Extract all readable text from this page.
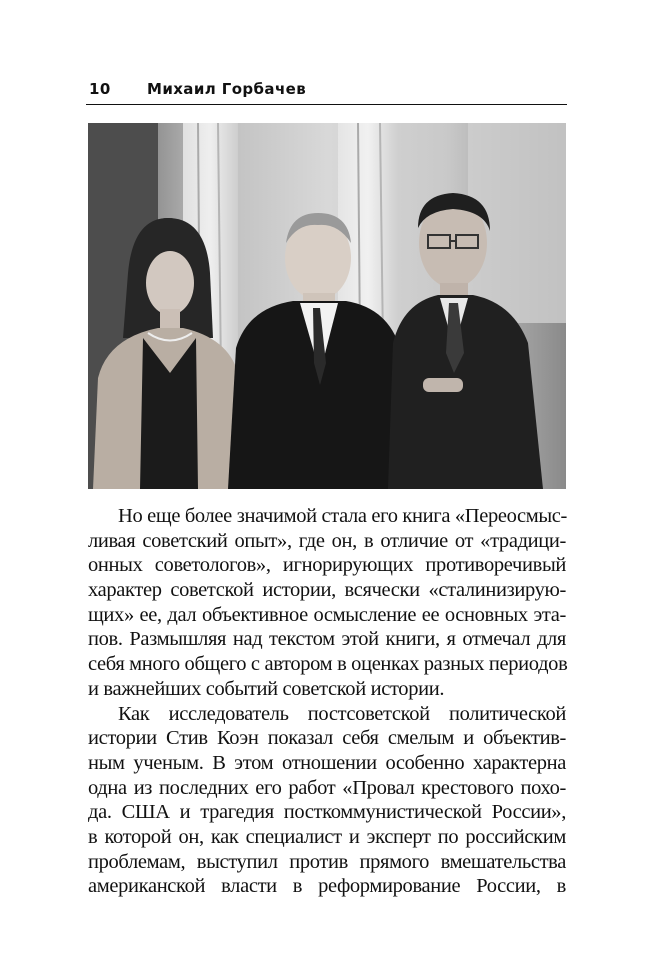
10 Михаил Горбачев
Но еще более значимой стала его книга «Переосмыс-
ливая советский опыт», где он, в отличие от «традици-
онных советологов», игнорирующих противоречивый
характер советской истории, всячески «сталинизирую-
щих» ее, дал объективное осмысление ее основных эта-
пов. Размышляя над текстом этой книги, я отмечал для
себя много общего с автором в оценках разных периодов
и важнейших событий советской истории.
Как исследователь постсоветской политической
истории Стив Коэн показал себя смелым и объектив-
ным ученым. В этом отношении особенно характерна
одна из последних его работ «Провал крестового похо-
да. США и трагедия посткоммунистической России»,
в которой он, как специалист и эксперт по российским
проблемам, выступил против прямого вмешательства
американской власти в реформирование России, в
